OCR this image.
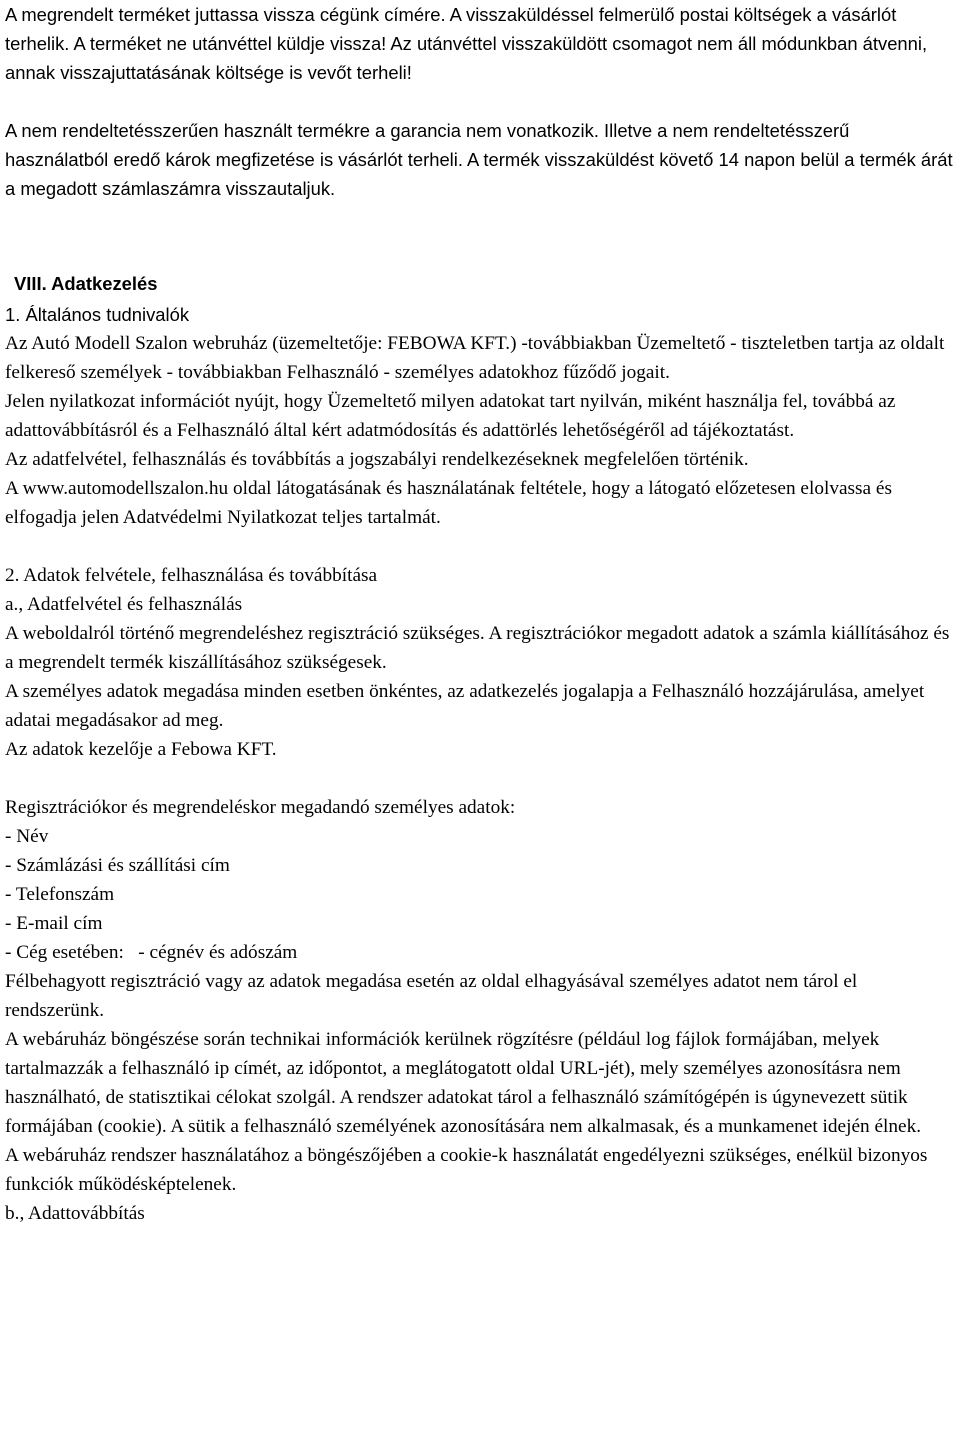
A megrendelt terméket juttassa vissza cégünk címére. A visszaküldéssel felmerülő postai költségek a vásárlót terhelik. A terméket ne utánvéttel küldje vissza! Az utánvéttel visszaküldött csomagot nem áll módunkban átvenni, annak visszajuttatásának költsége is vevőt terheli!

A nem rendeltetésszerűen használt termékre a garancia nem vonatkozik. Illetve a nem rendeltetésszerű használatból eredő károk megfizetése is vásárlót terheli. A termék visszaküldést követő 14 napon belül a termék árát a megadott számlaszámra visszautaljuk.

VIII. Adatkezelés

1. Általános tudnivalók

Az Autó Modell Szalon webruház (üzemeltetője: FEBOWA KFT.) -továbbiakban Üzemeltető - tiszteletben tartja az oldalt felkereső személyek - továbbiakban Felhasználó - személyes adatokhoz fűződő jogait.

Jelen nyilatkozat információt nyújt, hogy Üzemeltető milyen adatokat tart nyilván, miként használja fel, továbbá az adattovábbításról és a Felhasználó által kért adatmódosítás és adattörlés lehetőségéről ad tájékoztatást.

Az adatfelvétel, felhasználás és továbbítás a jogszabályi rendelkezéseknek megfelelően történik.

A www.automodellszalon.hu oldal látogatásának és használatának feltétele, hogy a látogató előzetesen elolvassa és elfogadja jelen Adatvédelmi Nyilatkozat teljes tartalmát.

2. Adatok felvétele, felhasználása és továbbítása

a., Adatfelvétel és felhasználás

A weboldalról történő megrendeléshez regisztráció szükséges. A regisztrációkor megadott adatok a számla kiállításához és a megrendelt termék kiszállításához szükségesek.

A személyes adatok megadása minden esetben önkéntes, az adatkezelés jogalapja a Felhasználó hozzájárulása, amelyet adatai megadásakor ad meg.

Az adatok kezelője a Febowa KFT.

Regisztrációkor és megrendeléskor megadandó személyes adatok:

- Név

- Számlázási és szállítási cím

- Telefonszám

- E-mail cím

- Cég esetében:   - cégnév és adószám

Félbehagyott regisztráció vagy az adatok megadása esetén az oldal elhagyásával személyes adatot nem tárol el rendszerünk.

A webáruház böngészése során technikai információk kerülnek rögzítésre (például log fájlok formájában, melyek tartalmazzák a felhasználó ip címét, az időpontot, a meglátogatott oldal URL-jét), mely személyes azonosításra nem használható, de statisztikai célokat szolgál. A rendszer adatokat tárol a felhasználó számítógépén is úgynevezett sütik formájában (cookie). A sütik a felhasználó személyének azonosítására nem alkalmasak, és a munkamenet idején élnek.

A webáruház rendszer használatához a böngészőjében a cookie-k használatát engedélyezni szükséges, enélkül bizonyos funkciók működésképtelenek.

b., Adattovábbítás
